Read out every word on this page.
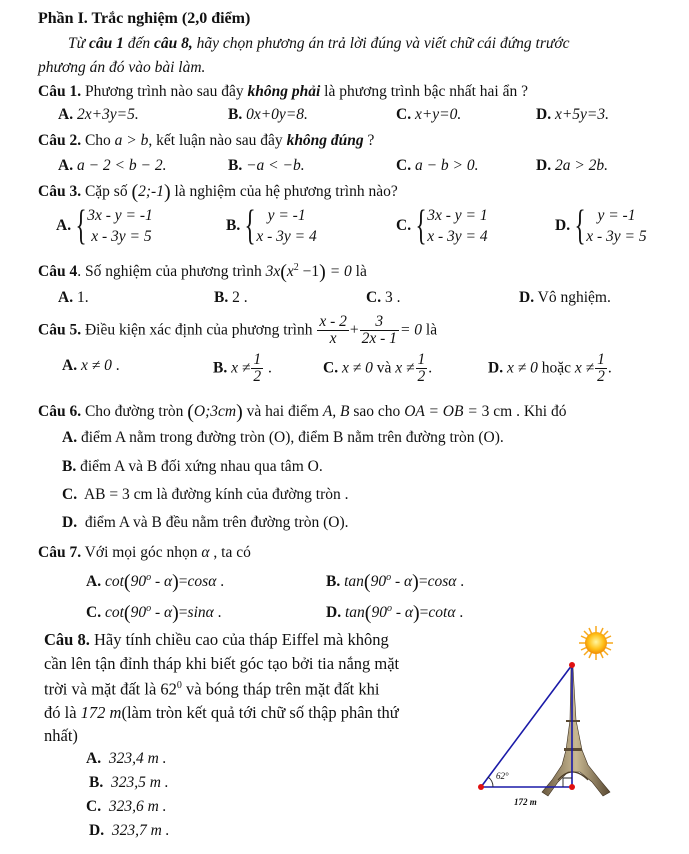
Phần I. Trắc nghiệm (2,0 điểm)
Từ câu 1 đến câu 8, hãy chọn phương án trả lời đúng và viết chữ cái đứng trước
phương án đó vào bài làm.
Câu 1. Phương trình nào sau đây không phải là phương trình bậc nhất hai ẩn ?
A. 2x+3y=5.	B. 0x+0y=8.	C. x+y=0.	D. x+5y=3.
Câu 2. Cho a > b, kết luận nào sau đây không đúng ?
A. a − 2 < b − 2.	B. −a < −b.	C. a − b > 0.	D. 2a > 2b.
Câu 3. Cặp số (2;-1) là nghiệm của hệ phương trình nào?
A. { 3x - y = -1
x - 3y = 5
B. { y = -1
x - 3y = 4
C. { 3x - y = 1
x - 3y = 4
D. { y = -1
x - 3y = 5
Câu 4. Số nghiệm của phương trình $3x(x^2 -1) = 0$ là
A. 1.	B. 2 .	C. 3 .	D. Vô nghiệm.
Câu 5. Điều kiện xác định của phương trình $\frac{x - 2}{x} + \frac{3}{2x - 1} = 0$ là
A. x ≠ 0 .	B. $x \ne \frac{1}{2}$ .	C. x ≠ 0 và $x \ne \frac{1}{2}$ .	D. x ≠ 0 hoặc $x \ne \frac{1}{2}$ .
Câu 6. Cho đường tròn (O;3cm) và hai điểm A, B sao cho OA = OB = 3 cm . Khi đó
A. điểm A nằm trong đường tròn (O), điểm B nằm trên đường tròn (O).
B. điểm A và B đối xứng nhau qua tâm O.
C. AB = 3 cm là đường kính của đường tròn .
D. điểm A và B đều nằm trên đường tròn (O).
Câu 7. Với mọi góc nhọn α , ta có
A. cot(90$^o$ - α)=cosα .	B. tan(90$^o$ - α)=cosα .
C. cot(90$^o$ - α)=sinα .	D. tan(90$^o$ - α)=cotα .
Câu 8. Hãy tính chiều cao của tháp Eiffel mà không
cần lên tận đỉnh tháp khi biết góc tạo bởi tia nắng mặt
trời và mặt đất là $62^0$ và bóng tháp trên mặt đất khi
đó là 172 m(làm tròn kết quả tới chữ số thập phân thứ
nhất)
A. 323,4 m .
B. 323,5 m .
C. 323,6 m .
D. 323,7 m .
62°
172 m
